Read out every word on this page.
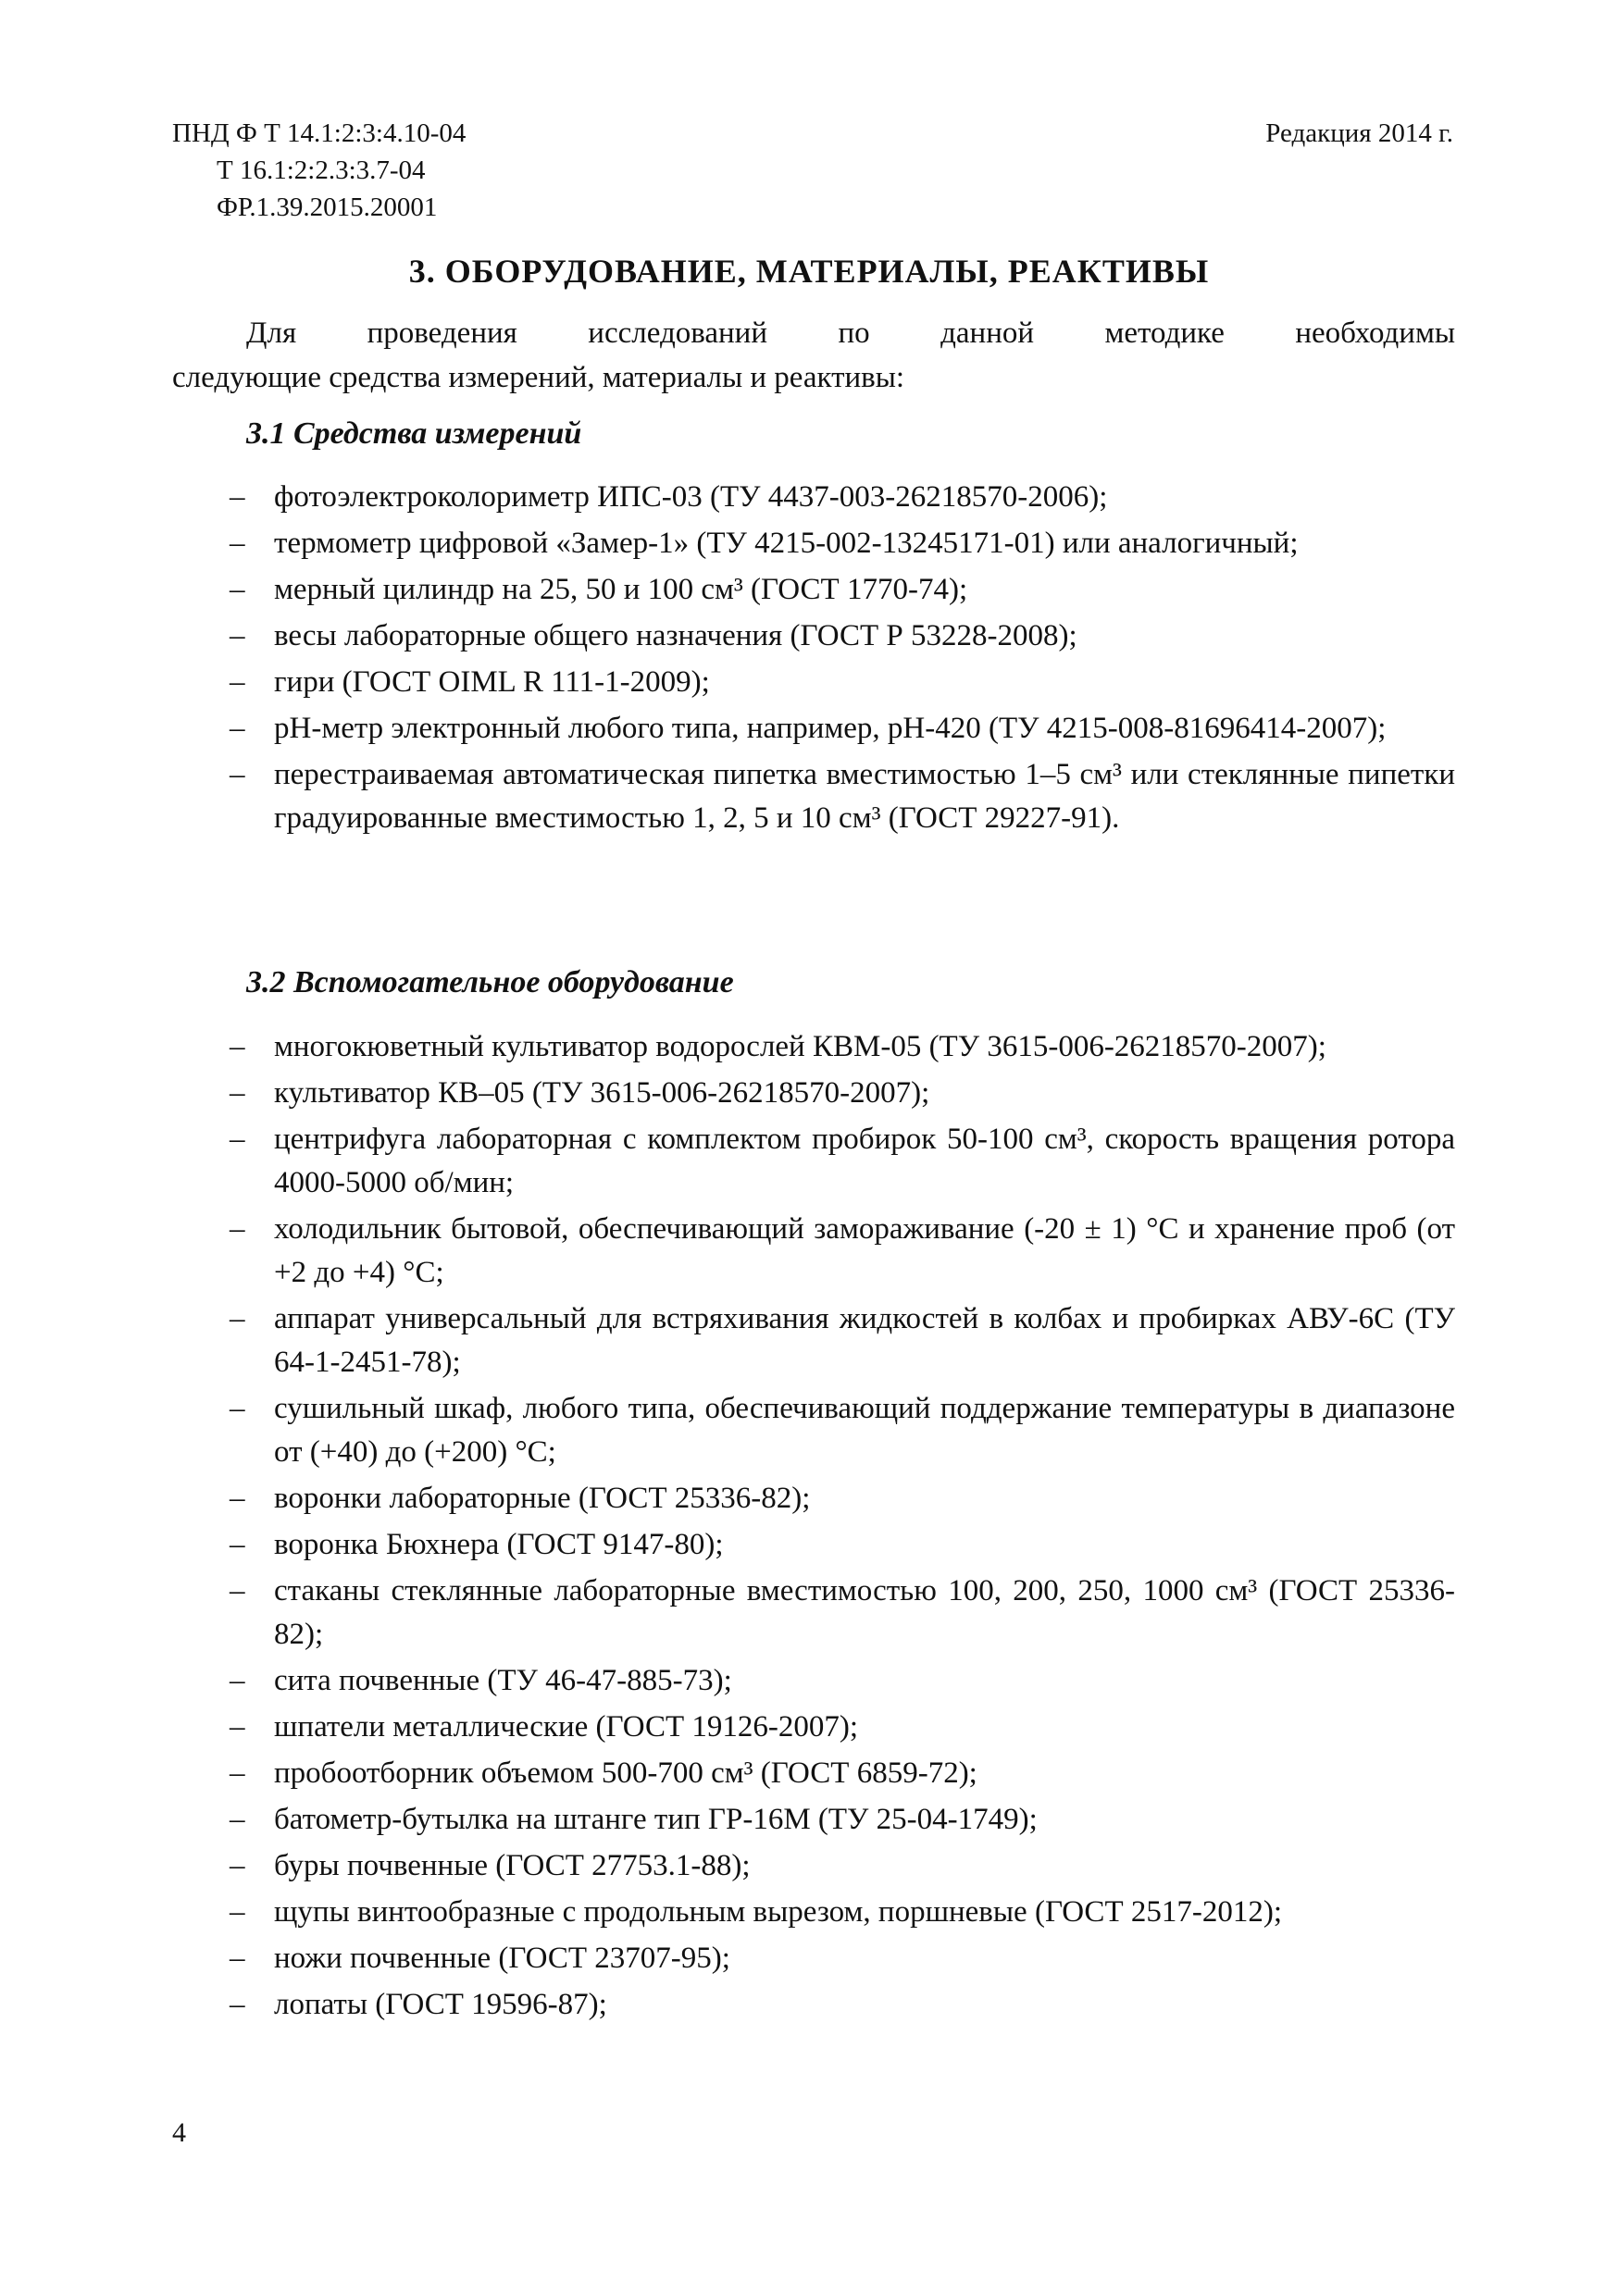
ПНД Ф Т 14.1:2:3:4.10-04
Т 16.1:2:2.3:3.7-04
ФР.1.39.2015.20001
Редакция 2014 г.
3. ОБОРУДОВАНИЕ, МАТЕРИАЛЫ, РЕАКТИВЫ
Для проведения исследований по данной методике необходимы
следующие средства измерений, материалы и реактивы:
3.1 Средства измерений
– фотоэлектроколориметр ИПС-03 (ТУ 4437-003-26218570-2006);
– термометр цифровой «Замер-1» (ТУ 4215-002-13245171-01) или аналогичный;
– мерный цилиндр на 25, 50 и 100 см³ (ГОСТ 1770-74);
– весы лабораторные общего назначения (ГОСТ Р 53228-2008);
– гири (ГОСТ OIML R 111-1-2009);
– pH-метр электронный любого типа, например, pH-420 (ТУ 4215-008-81696414-2007);
– перестраиваемая автоматическая пипетка вместимостью 1–5 см³ или стеклянные пипетки градуированные вместимостью 1, 2, 5 и 10 см³ (ГОСТ 29227-91).
3.2 Вспомогательное оборудование
– многокюветный культиватор водорослей КВМ-05 (ТУ 3615-006-26218570-2007);
– культиватор КВ–05 (ТУ 3615-006-26218570-2007);
– центрифуга лабораторная с комплектом пробирок 50-100 см³, скорость вращения ротора 4000-5000 об/мин;
– холодильник бытовой, обеспечивающий замораживание (-20 ± 1) °С и хранение проб (от +2 до +4) °С;
– аппарат универсальный для встряхивания жидкостей в колбах и пробирках АВУ-6С (ТУ 64-1-2451-78);
– сушильный шкаф, любого типа, обеспечивающий поддержание температуры в диапазоне от (+40) до (+200) °С;
– воронки лабораторные (ГОСТ 25336-82);
– воронка Бюхнера (ГОСТ 9147-80);
– стаканы стеклянные лабораторные вместимостью 100, 200, 250, 1000 см³ (ГОСТ 25336-82);
– сита почвенные (ТУ 46-47-885-73);
– шпатели металлические (ГОСТ 19126-2007);
– пробоотборник объемом 500-700 см³ (ГОСТ 6859-72);
– батометр-бутылка на штанге тип ГР-16М (ТУ 25-04-1749);
– буры почвенные (ГОСТ 27753.1-88);
– щупы винтообразные с продольным вырезом, поршневые (ГОСТ 2517-2012);
– ножи почвенные (ГОСТ 23707-95);
– лопаты (ГОСТ 19596-87);
4
